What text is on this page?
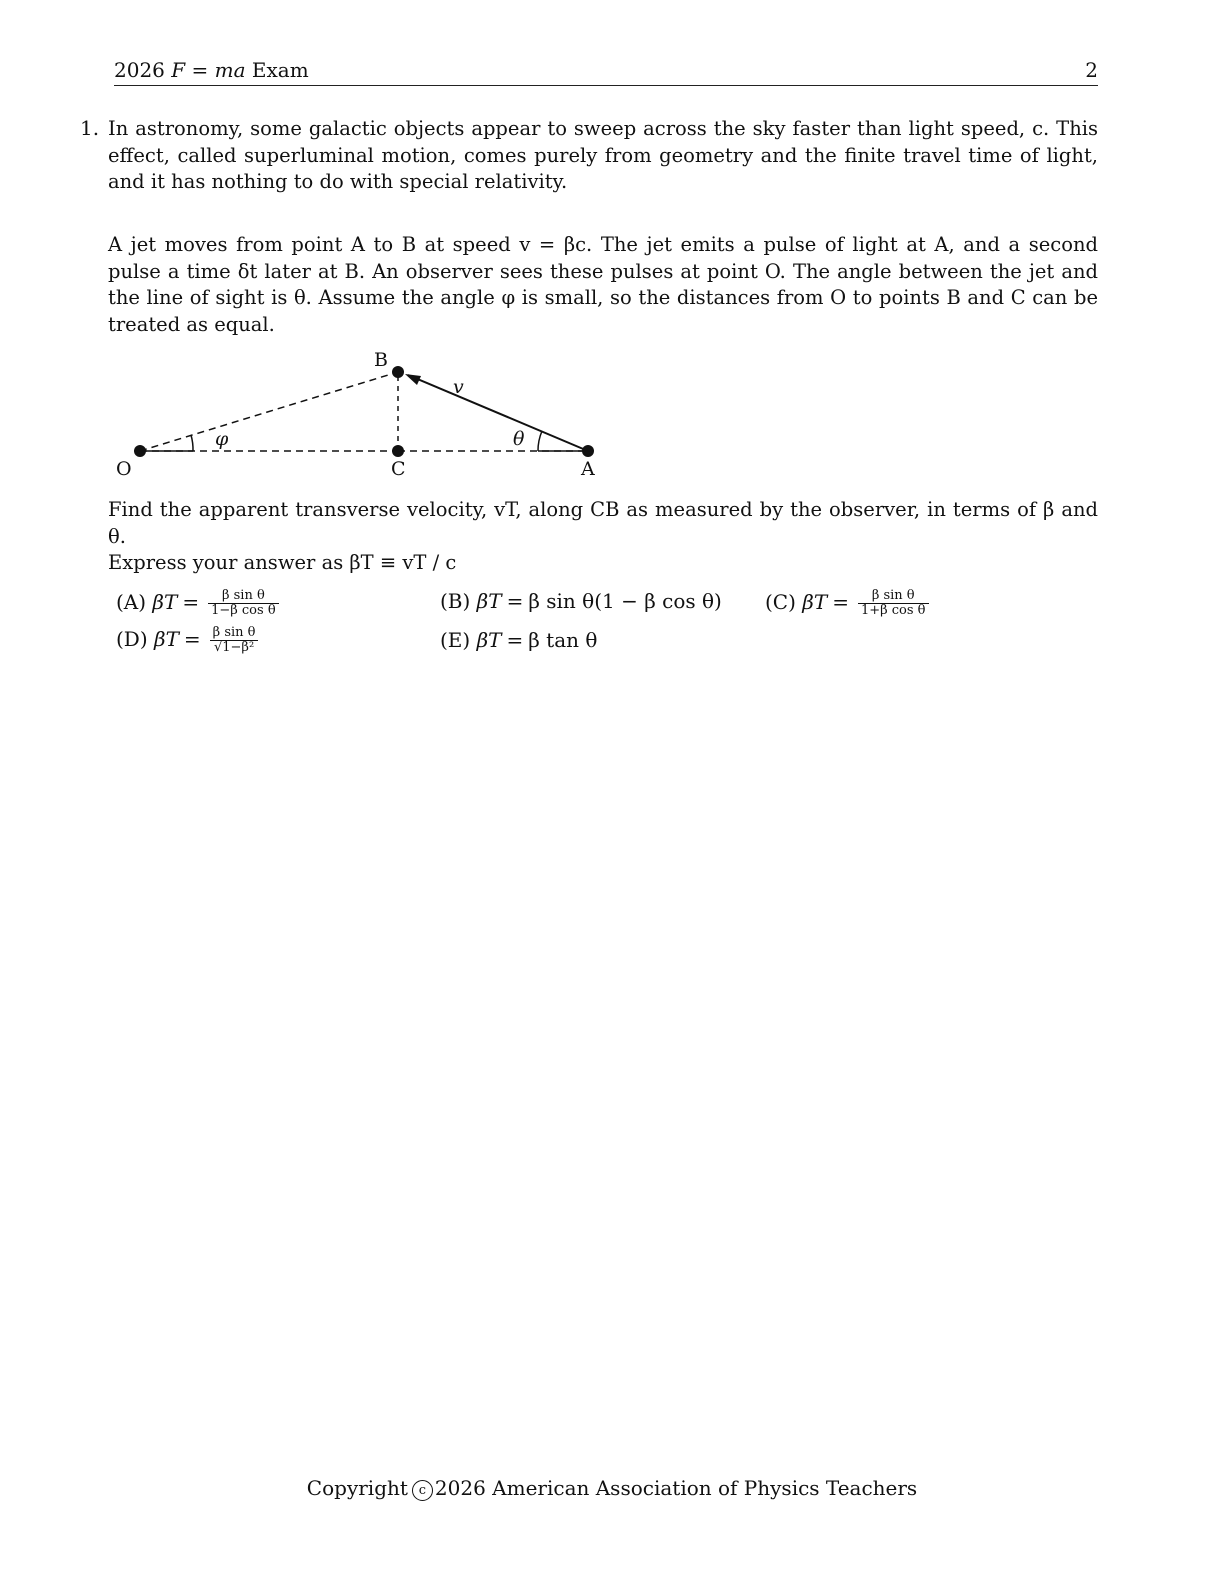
2026 F = ma Exam	2
1. In astronomy, some galactic objects appear to sweep across the sky faster than light speed, c. This effect, called superluminal motion, comes purely from geometry and the finite travel time of light, and it has nothing to do with special relativity.
A jet moves from point A to B at speed v = βc. The jet emits a pulse of light at A, and a second pulse a time δt later at B. An observer sees these pulses at point O. The angle between the jet and the line of sight is θ. Assume the angle φ is small, so the distances from O to points B and C can be treated as equal.
O
B
C	A
v
θ
φ
Find the apparent transverse velocity, vT, along CB as measured by the observer, in terms of β and θ.
Express your answer as βT ≡ vT / c
(A) $\beta T = \frac{\text{β sin θ}}{\text{1−β cos θ}}$	(B) βT = β sin θ(1 − β cos θ) (C) $\beta T = \frac{\text{β sin θ}}{\text{1+β cos θ}}$
(D) $\beta T = \frac{\text{β sin θ}}{\text{√1−β²}}$	(E) βT = β tan θ
Copyright c 2026 American Association of Physics Teachers
